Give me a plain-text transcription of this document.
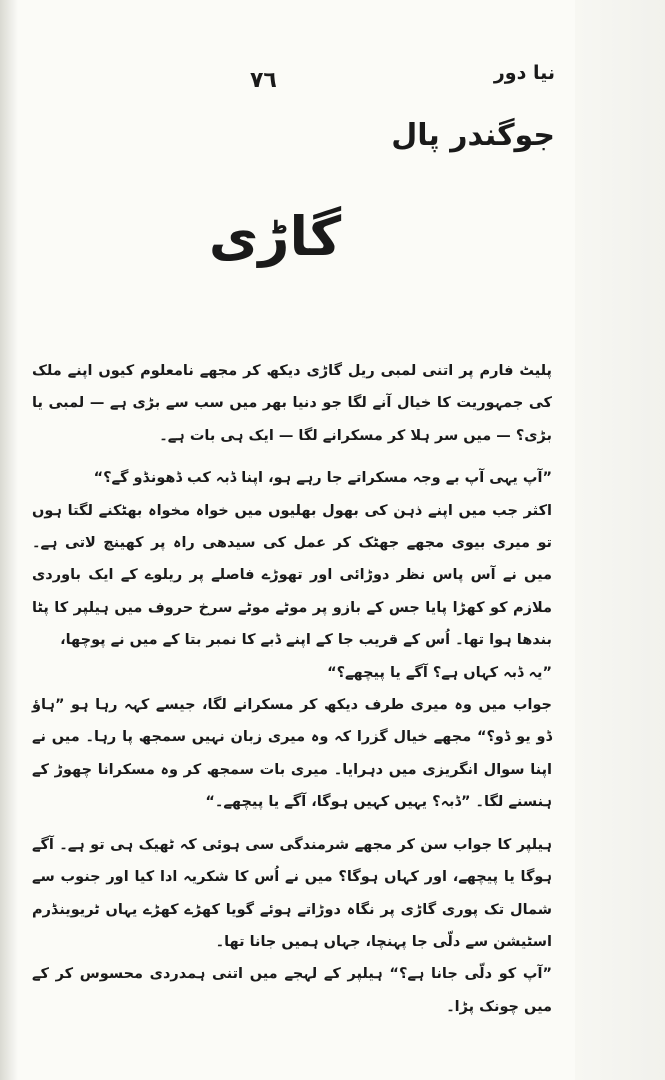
٧٦	نیا دور
جوگندر پال
گاڑی

پلیٹ فارم پر اتنی لمبی ریل گاڑی دیکھ کر مجھے نامعلوم کیوں اپنے ملک کی جمہوریت کا خیال آنے لگا جو دنیا بھر میں سب سے بڑی ہے — لمبی یا بڑی؟ — میں سر ہلا کر مسکرانے لگا — ایک ہی بات ہے۔

”آپ یہی آپ بے وجہ مسکراتے جا رہے ہو، اپنا ڈبہ کب ڈھونڈو گے؟“

اکثر جب میں اپنے ذہن کی بھول بھلیوں میں خواہ مخواہ بھٹکنے لگتا ہوں تو میری بیوی مجھے جھٹک کر عمل کی سیدھی راہ پر کھینچ لاتی ہے۔ میں نے آس پاس نظر دوڑائی اور تھوڑے فاصلے پر ریلوے کے ایک باوردی ملازم کو کھڑا پایا جس کے بازو پر موٹے موٹے سرخ حروف میں ہیلپر کا پٹا بندھا ہوا تھا۔ اُس کے قریب جا کے اپنے ڈبے کا نمبر بتا کے میں نے پوچھا،

”یہ ڈبہ کہاں ہے؟ آگے یا پیچھے؟“

جواب میں وہ میری طرف دیکھ کر مسکرانے لگا، جیسے کہہ رہا ہو ”ہاؤ ڈو یو ڈو؟“ مجھے خیال گزرا کہ وہ میری زبان نہیں سمجھ پا رہا۔ میں نے اپنا سوال انگریزی میں دہرایا۔ میری بات سمجھ کر وہ مسکرانا چھوڑ کے ہنسنے لگا۔ ”ڈبہ؟ یہیں کہیں ہوگا، آگے یا پیچھے۔“

ہیلپر کا جواب سن کر مجھے شرمندگی سی ہوئی کہ ٹھیک ہی تو ہے۔ آگے ہوگا یا پیچھے، اور کہاں ہوگا؟ میں نے اُس کا شکریہ ادا کیا اور جنوب سے شمال تک پوری گاڑی پر نگاہ دوڑاتے ہوئے گویا کھڑے کھڑے یہاں ٹریوینڈرم اسٹیشن سے دلّی جا پہنچا، جہاں ہمیں جانا تھا۔

”آپ کو دلّی جانا ہے؟“ ہیلپر کے لہجے میں اتنی ہمدردی محسوس کر کے میں چونک پڑا۔
